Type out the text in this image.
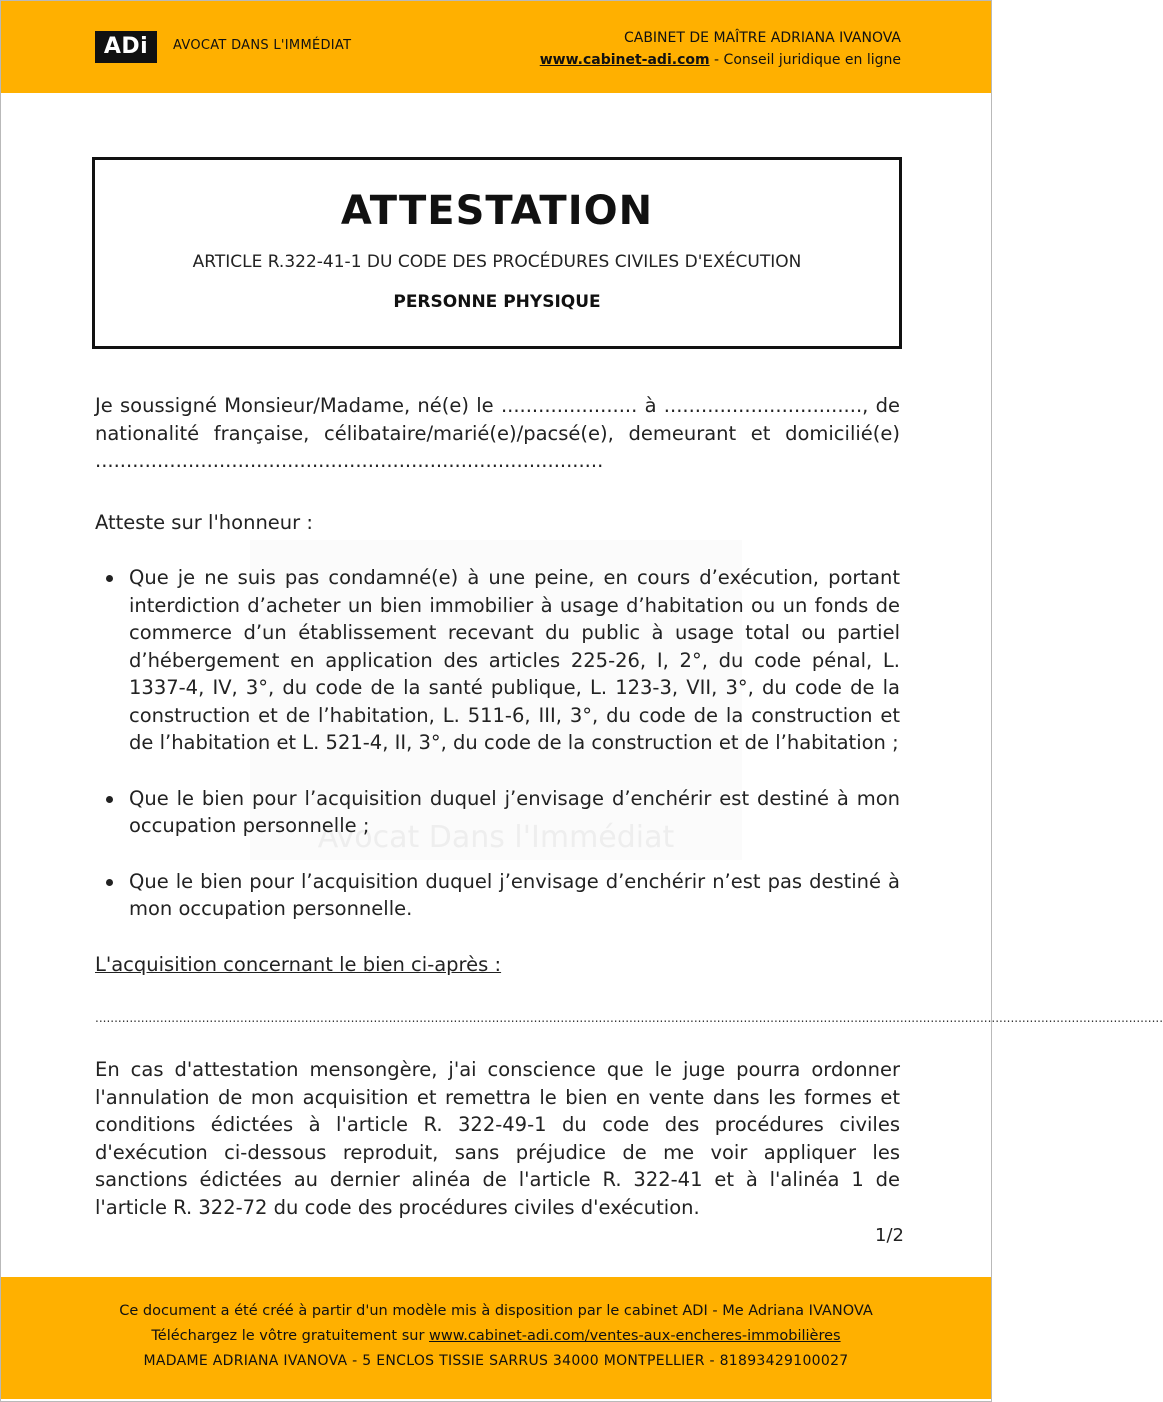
ADi	AVOCAT DANS L'IMMÉDIAT	CABINET DE MAÎTRE ADRIANA IVANOVA
www.cabinet-adi.com - Conseil juridique en ligne
Avocat Dans l'Immédiat
ATTESTATION
ARTICLE R.322-41-1 DU CODE DES PROCÉDURES CIVILES D'EXÉCUTION
PERSONNE PHYSIQUE

Je soussigné Monsieur/Madame, né(e) le ...................... à ................................, de nationalité française, célibataire/marié(e)/pacsé(e), demeurant et domicilié(e) ..................................................................................

Atteste sur l'honneur :

Que je ne suis pas condamné(e) à une peine, en cours d’exécution, portant interdiction d’acheter un bien immobilier à usage d’habitation ou un fonds de commerce d’un établissement recevant du public à usage total ou partiel d’hébergement en application des articles 225-26, I, 2°, du code pénal, L. 1337-4, IV, 3°, du code de la santé publique, L. 123-3, VII, 3°, du code de la construction et de l’habitation, L. 511-6, III, 3°, du code de la construction et de l’habitation et L. 521-4, II, 3°, du code de la construction et de l’habitation ;
Que le bien pour l’acquisition duquel j’envisage d’enchérir est destiné à mon occupation personnelle ;
Que le bien pour l’acquisition duquel j’envisage d’enchérir n’est pas destiné à mon occupation personnelle.
L'acquisition concernant le bien ci-après :
........................................................................................................................................................................................................................................................................................

En cas d'attestation mensongère, j'ai conscience que le juge pourra ordonner l'annulation de mon acquisition et remettra le bien en vente dans les formes et conditions édictées à l'article R. 322-49-1 du code des procédures civiles d'exécution ci-dessous reproduit, sans préjudice de me voir appliquer les sanctions édictées au dernier alinéa de l'article R. 322-41 et à l'alinéa 1 de l'article R. 322-72 du code des procédures civiles d'exécution.

1/2
Ce document a été créé à partir d'un modèle mis à disposition par le cabinet ADI - Me Adriana IVANOVA
Téléchargez le vôtre gratuitement sur www.cabinet-adi.com/ventes-aux-encheres-immobilières
MADAME ADRIANA IVANOVA - 5 ENCLOS TISSIE SARRUS 34000 MONTPELLIER - 81893429100027
